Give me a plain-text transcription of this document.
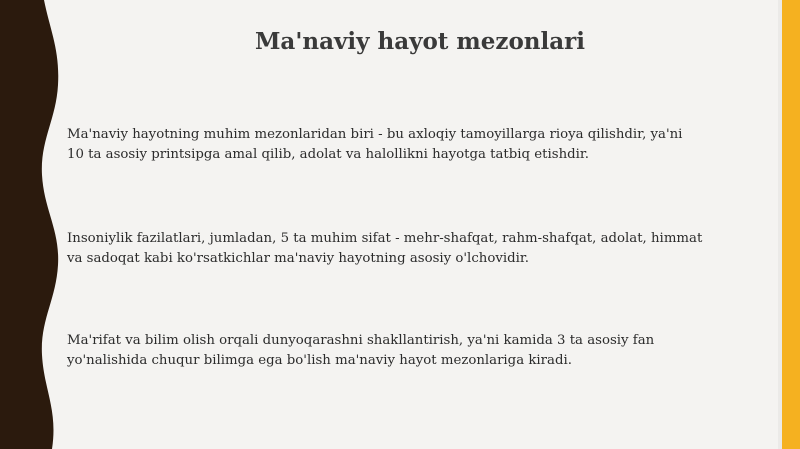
Ma'naviy hayot mezonlari
Ma'naviy hayotning muhim mezonlaridan biri - bu axloqiy tamoyillarga rioya qilishdir, ya'ni
10 ta asosiy printsipga amal qilib, adolat va halollikni hayotga tatbiq etishdir.
Insoniylik fazilatlari, jumladan, 5 ta muhim sifat - mehr-shafqat, rahm-shafqat, adolat, himmat
va sadoqat kabi ko'rsatkichlar ma'naviy hayotning asosiy o'lchovidir.
Ma'rifat va bilim olish orqali dunyoqarashni shakllantirish, ya'ni kamida 3 ta asosiy fan
yo'nalishida chuqur bilimga ega bo'lish ma'naviy hayot mezonlariga kiradi.
